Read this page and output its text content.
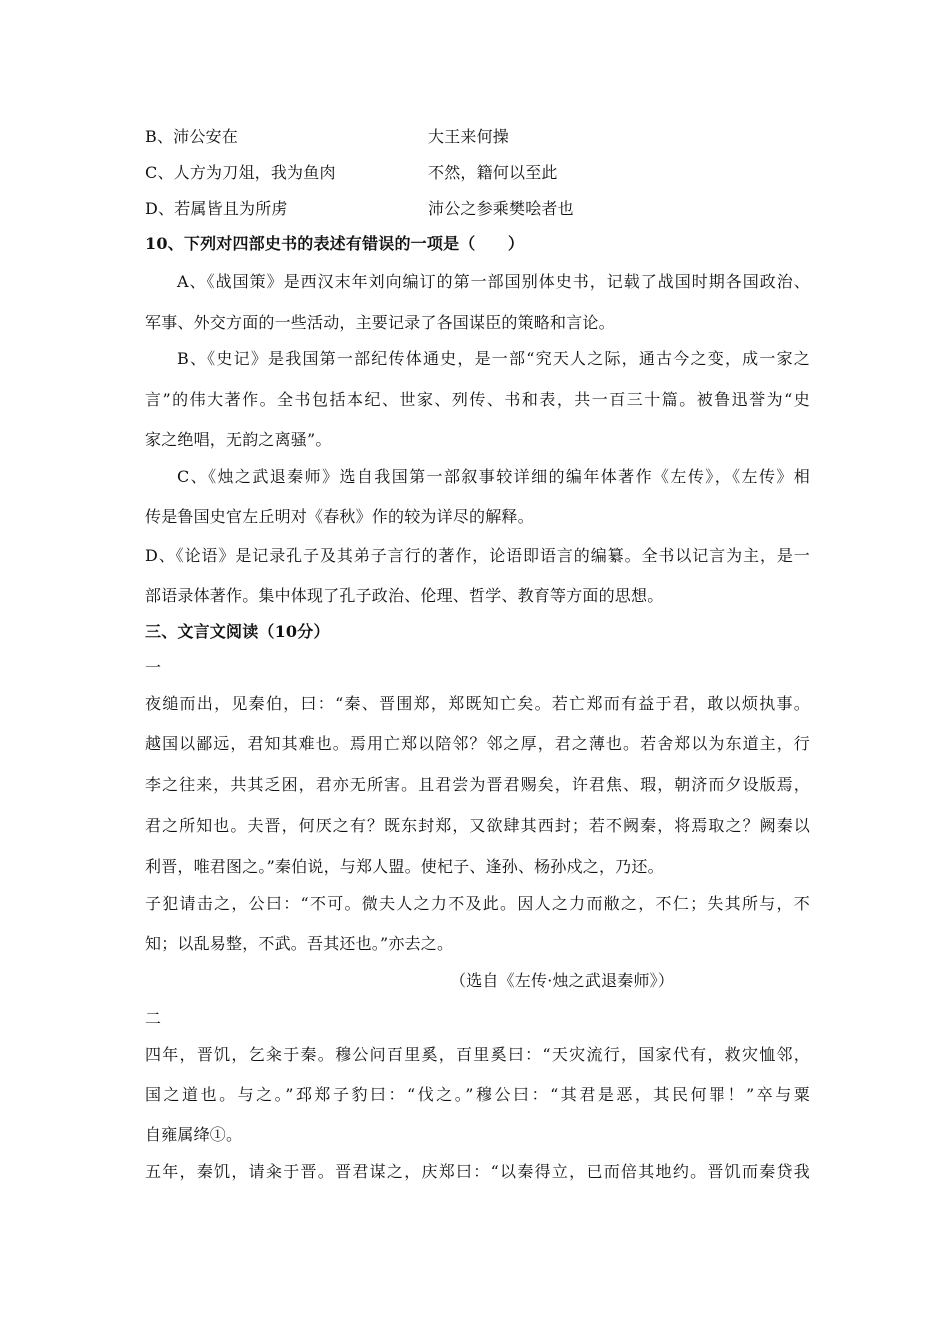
B、沛公安在	大王来何操
C、人方为刀俎，我为鱼肉	不然，籍何以至此
D、若属皆且为所虏	沛公之参乘樊哙者也
10、下列对四部史书的表述有错误的一项是（　　）
A、《战国策》是西汉末年刘向编订的第一部国别体史书，记载了战国时期各国政治、
军事、外交方面的一些活动，主要记录了各国谋臣的策略和言论。
B、《史记》是我国第一部纪传体通史，是一部“究天人之际，通古今之变，成一家之
言”的伟大著作。全书包括本纪、世家、列传、书和表，共一百三十篇。被鲁迅誉为“史
家之绝唱，无韵之离骚”。
C、《烛之武退秦师》选自我国第一部叙事较详细的编年体著作《左传》，《左传》相
传是鲁国史官左丘明对《春秋》作的较为详尽的解释。
D、《论语》是记录孔子及其弟子言行的著作，论语即语言的编纂。全书以记言为主，是一
部语录体著作。集中体现了孔子政治、伦理、哲学、教育等方面的思想。
三、文言文阅读（10分）
一
夜缒而出，见秦伯，曰：“秦、晋围郑，郑既知亡矣。若亡郑而有益于君，敢以烦执事。
越国以鄙远，君知其难也。焉用亡郑以陪邻？邻之厚，君之薄也。若舍郑以为东道主，行
李之往来，共其乏困，君亦无所害。且君尝为晋君赐矣，许君焦、瑕，朝济而夕设版焉，
君之所知也。夫晋，何厌之有？既东封郑，又欲肆其西封；若不阙秦，将焉取之？阙秦以
利晋，唯君图之。”秦伯说，与郑人盟。使杞子、逢孙、杨孙戍之，乃还。
子犯请击之，公曰：“不可。微夫人之力不及此。因人之力而敝之，不仁；失其所与，不
知；以乱易整，不武。吾其还也。”亦去之。
（选自《左传·烛之武退秦师》）
二
四年，晋饥，乞籴于秦。穆公问百里奚，百里奚曰：“天灾流行，国家代有，救灾恤邻，
国之道也。与之。”邳郑子豹曰：“伐之。”穆公曰：“其君是恶，其民何罪！”卒与粟
自雍属绛①。
五年，秦饥，请籴于晋。晋君谋之，庆郑曰：“以秦得立，已而倍其地约。晋饥而秦贷我
